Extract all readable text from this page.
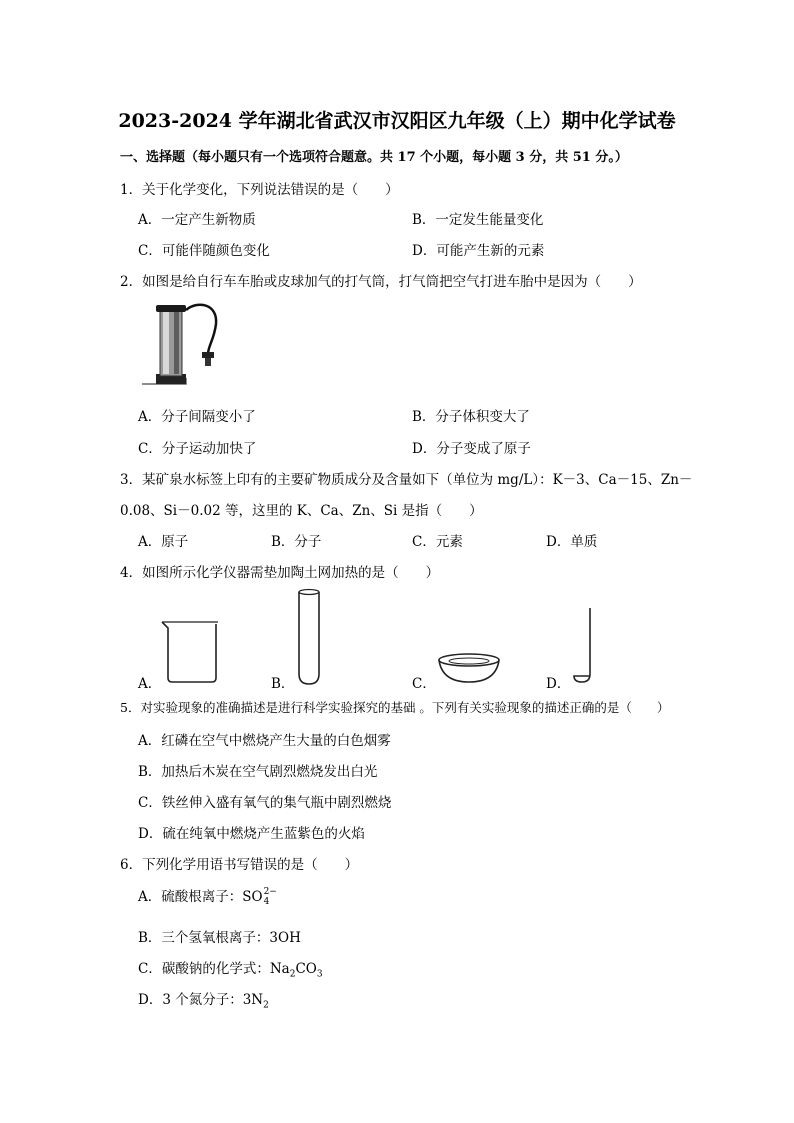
2023-2024 学年湖北省武汉市汉阳区九年级（上）期中化学试卷
一、选择题（每小题只有一个选项符合题意。共 17 个小题，每小题 3 分，共 51 分。）
1．关于化学变化，下列说法错误的是（　　）
A．一定产生新物质	B．一定发生能量变化
C．可能伴随颜色变化	D．可能产生新的元素
2．如图是给自行车车胎或皮球加气的打气筒，打气筒把空气打进车胎中是因为（　　）
A．分子间隔变小了	B．分子体积变大了
C．分子运动加快了	D．分子变成了原子
3．某矿泉水标签上印有的主要矿物质成分及含量如下（单位为 mg/L）：K－3、Ca－15、Zn－
0.08、Si－0.02 等，这里的 K、Ca、Zn、Si 是指（　　）
A．原子	B．分子	C．元素	D．单质
4．如图所示化学仪器需垫加陶土网加热的是（　　）
A．	B．	C．	D．
5．对实验现象的准确描述是进行科学实验探究的基础 。下列有关实验现象的描述正确的是（　　）
A．红磷在空气中燃烧产生大量的白色烟雾
B．加热后木炭在空气剧烈燃烧发出白光
C．铁丝伸入盛有氧气的集气瓶中剧烈燃烧
D．硫在纯氧中燃烧产生蓝紫色的火焰
6．下列化学用语书写错误的是（　　）
A．硫酸根离子： SO 2−
4
B．三个氢氧根离子：3OH
C．碳酸钠的化学式：$Na_2CO_3$
D．3 个氮分子：$3N_2$
